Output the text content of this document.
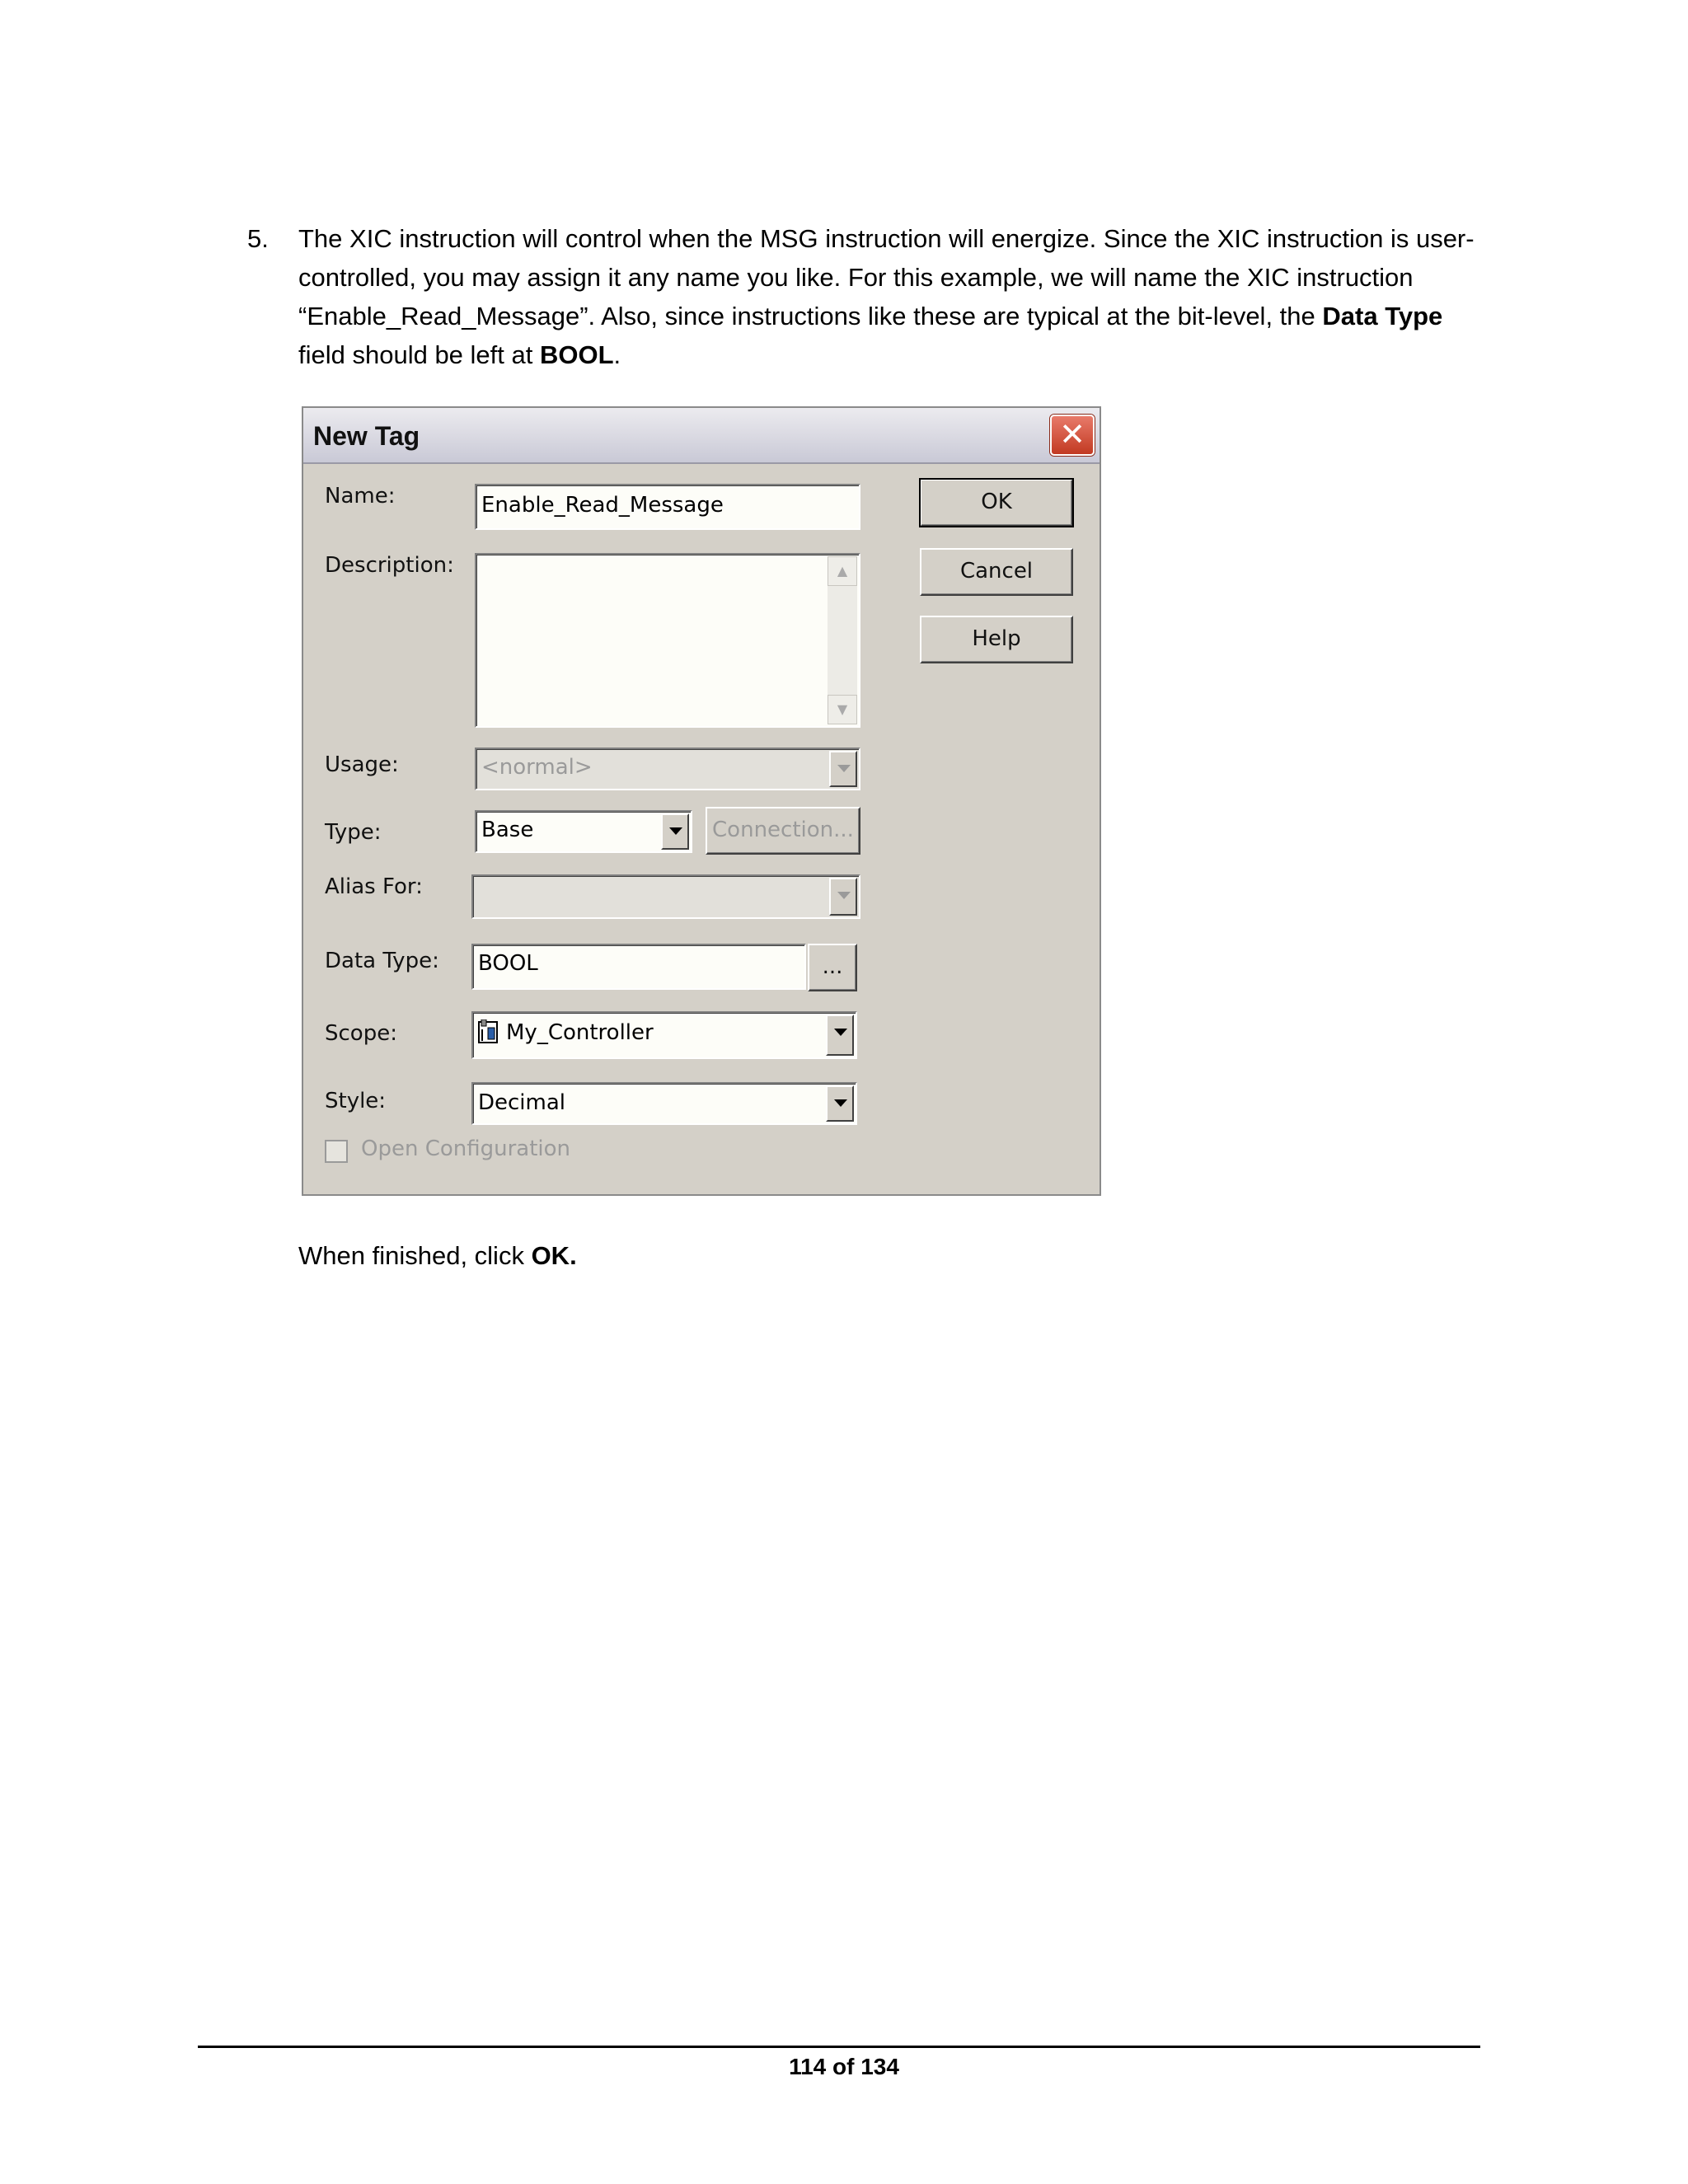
5. The XIC instruction will control when the MSG instruction will energize. Since the XIC instruction is user-controlled, you may assign it any name you like. For this example, we will name the XIC instruction “Enable_Read_Message”. Also, since instructions like these are typical at the bit-level, the Data Type field should be left at BOOL.
New Tag	✕
Name:	Enable_Read_Message
Description:	▲
▼
Usage:	<normal>
Type:	Base	Connection...
Alias For:
Data Type:	BOOL	...
Scope:	My_Controller
Style:	Decimal
Open Configuration
OK
Cancel
Help
When finished, click OK.
114 of 134
